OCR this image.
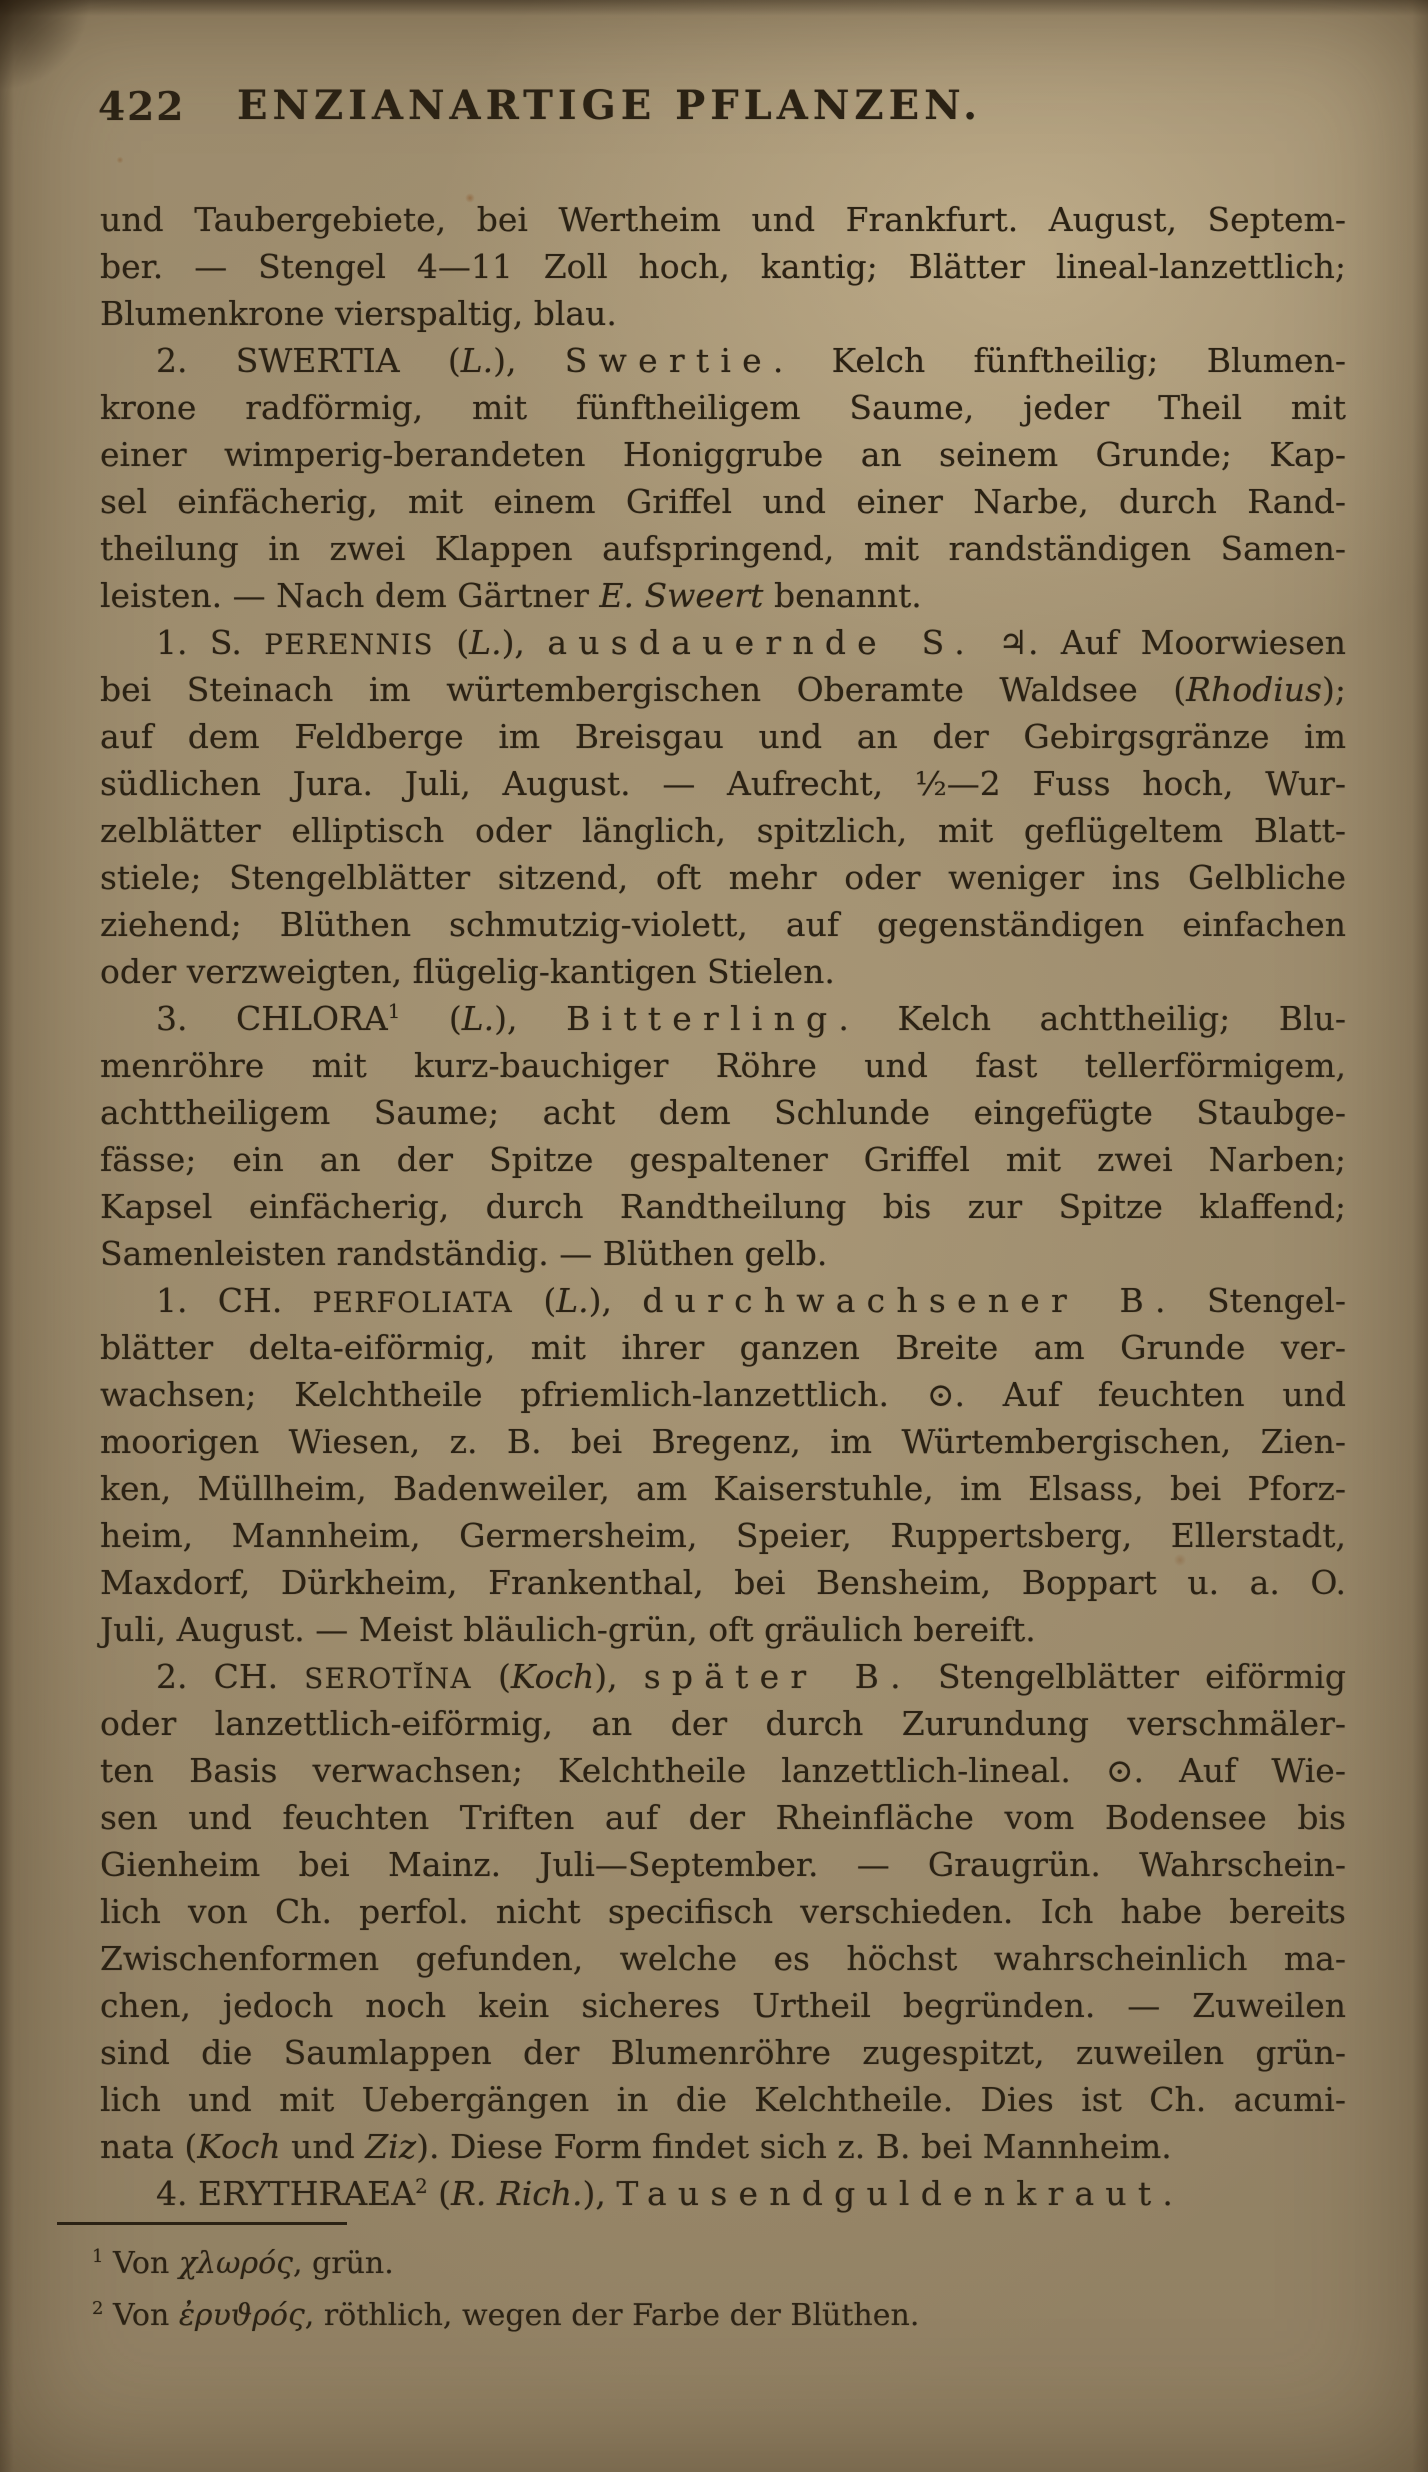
422 ENZIANARTIGE PFLANZEN.
und Taubergebiete, bei Wertheim und Frankfurt. August, Septem-
ber. — Stengel 4—11 Zoll hoch, kantig; Blätter lineal-lanzettlich;
Blumenkrone vierspaltig, blau.
2. SWERTIA (L.), Swertie. Kelch fünftheilig; Blumen-
krone radförmig, mit fünftheiligem Saume, jeder Theil mit
einer wimperig-berandeten Honiggrube an seinem Grunde; Kap-
sel einfächerig, mit einem Griffel und einer Narbe, durch Rand-
theilung in zwei Klappen aufspringend, mit randständigen Samen-
leisten. — Nach dem Gärtner E. Sweert benannt.
1. S. PERENNIS (L.), ausdauernde S. ♃. Auf Moorwiesen
bei Steinach im würtembergischen Oberamte Waldsee (Rhodius);
auf dem Feldberge im Breisgau und an der Gebirgsgränze im
südlichen Jura. Juli, August. — Aufrecht, ½—2 Fuss hoch, Wur-
zelblätter elliptisch oder länglich, spitzlich, mit geflügeltem Blatt-
stiele; Stengelblätter sitzend, oft mehr oder weniger ins Gelbliche
ziehend; Blüthen schmutzig-violett, auf gegenständigen einfachen
oder verzweigten, flügelig-kantigen Stielen.
3. CHLORA$^1$ (L.), Bitterling. Kelch achttheilig; Blu-
menröhre mit kurz-bauchiger Röhre und fast tellerförmigem,
achttheiligem Saume; acht dem Schlunde eingefügte Staubge-
fässe; ein an der Spitze gespaltener Griffel mit zwei Narben;
Kapsel einfächerig, durch Randtheilung bis zur Spitze klaffend;
Samenleisten randständig. — Blüthen gelb.
1. CH. PERFOLIATA (L.), durchwachsener B. Stengel-
blätter delta-eiförmig, mit ihrer ganzen Breite am Grunde ver-
wachsen; Kelchtheile pfriemlich-lanzettlich. ⊙. Auf feuchten und
moorigen Wiesen, z. B. bei Bregenz, im Würtembergischen, Zien-
ken, Müllheim, Badenweiler, am Kaiserstuhle, im Elsass, bei Pforz-
heim, Mannheim, Germersheim, Speier, Ruppertsberg, Ellerstadt,
Maxdorf, Dürkheim, Frankenthal, bei Bensheim, Boppart u. a. O.
Juli, August. — Meist bläulich-grün, oft gräulich bereift.
2. CH. SEROTĬNA (Koch), später B. Stengelblätter eiförmig
oder lanzettlich-eiförmig, an der durch Zurundung verschmäler-
ten Basis verwachsen; Kelchtheile lanzettlich-lineal. ⊙. Auf Wie-
sen und feuchten Triften auf der Rheinfläche vom Bodensee bis
Gienheim bei Mainz. Juli—September. — Graugrün. Wahrschein-
lich von Ch. perfol. nicht specifisch verschieden. Ich habe bereits
Zwischenformen gefunden, welche es höchst wahrscheinlich ma-
chen, jedoch noch kein sicheres Urtheil begründen. — Zuweilen
sind die Saumlappen der Blumenröhre zugespitzt, zuweilen grün-
lich und mit Uebergängen in die Kelchtheile. Dies ist Ch. acumi-
nata (Koch und Ziz). Diese Form findet sich z. B. bei Mannheim.
4. ERYTHRAEA$^2$ (R. Rich.), Tausendguldenkraut.
$^1$ Von χλωρός, grün.
$^2$ Von ἐρυϑρός, röthlich, wegen der Farbe der Blüthen.
